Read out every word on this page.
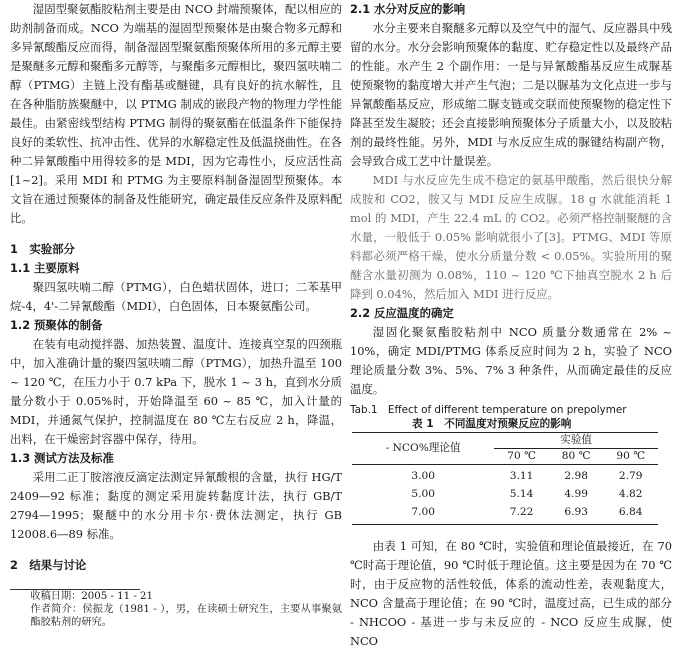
湿固型聚氨酯胶粘剂主要是由 NCO 封端预聚体，配以相应的助剂制备而成。NCO 为端基的湿固型预聚体是由聚合物多元醇和多异氰酸酯反应而得，制备湿固型聚氨酯预聚体所用的多元醇主要是聚醚多元醇和聚酯多元醇等，与聚酯多元醇相比，聚四氢呋喃二醇（PTMG）主链上没有酯基或醚键，具有良好的抗水解性，且在各种脂肪族聚醚中，以 PTMG 制成的嵌段产物的物理力学性能最佳。由紧密线型结构 PTMG 制得的聚氨酯在低温条件下能保持良好的柔软性、抗冲击性、优异的水解稳定性及低温挠曲性。在各种二异氰酸酯中用得较多的是 MDI，因为它毒性小，反应活性高[1~2]。采用 MDI 和 PTMG 为主要原料制备湿固型预聚体。本文旨在通过预聚体的制备及性能研究，确定最佳反应条件及原料配比。

1　实验部分
1.1 主要原料

聚四氢呋喃二醇（PTMG），白色蜡状固体，进口；二苯基甲烷-4，4'-二异氰酸酯（MDI），白色固体，日本聚氨酯公司。

1.2 预聚体的制备

在装有电动搅拌器、加热装置、温度计、连接真空泵的四颈瓶中，加入准确计量的聚四氢呋喃二醇（PTMG），加热升温至 100 ~ 120 ℃，在压力小于 0.7 kPa 下，脱水 1 ~ 3 h，直到水分质量分数小于 0.05%时，开始降温至 60 ~ 85 ℃，加入计量的 MDI，并通氮气保护，控制温度在 80 ℃左右反应 2 h，降温，出料，在干燥密封容器中保存，待用。

1.3 测试方法及标准

采用二正丁胺溶液反滴定法测定异氰酸根的含量，执行 HG/T 2409—92 标准；黏度的测定采用旋转黏度计法，执行 GB/T 2794—1995；聚醚中的水分用卡尔·费休法测定，执行 GB 12008.6—89 标准。

2　结果与讨论

收稿日期：2005 - 11 - 21

作者简介：侯振龙（1981 - ），男，在读硕士研究生，主要从事聚氨酯胶粘剂的研究。

2.1 水分对反应的影响

水分主要来自聚醚多元醇以及空气中的湿气、反应器具中残留的水分。水分会影响预聚体的黏度、贮存稳定性以及最终产品的性能。水产生 2 个副作用：一是与异氰酸酯基反应生成脲基使预聚物的黏度增大并产生气泡；二是以脲基为文化点进一步与异氰酸酯基反应，形成缩二脲支链或交联而使预聚物的稳定性下降甚至发生凝胶；还会直接影响预聚体分子质量大小，以及胶粘剂的最终性能。另外，MDI 与水反应生成的脲键结构副产物，会导致合成工艺中计量误差。

MDI 与水反应先生成不稳定的氨基甲酸酯，然后很快分解成胺和 CO2，胺又与 MDI 反应生成脲。18 g 水就能消耗 1 mol 的 MDI，产生 22.4 mL 的 CO2。必须严格控制聚醚的含水量，一般低于 0.05% 影响就很小了[3]。PTMG、MDI 等原料都必须严格干燥，使水分质量分数 < 0.05%。实验所用的聚醚含水量初测为 0.08%，110 ~ 120 ℃下抽真空脱水 2 h 后降到 0.04%，然后加入 MDI 进行反应。

2.2 反应温度的确定

湿固化聚氨酯胶粘剂中 NCO 质量分数通常在 2% ~ 10%，确定 MDI/PTMG 体系反应时间为 2 h，实验了 NCO 理论质量分数 3%、5%、7% 3 种条件，从而确定最佳的反应温度。

Tab.1　Effect of different temperature on prepolymer
表 1　不同温度对预聚反应的影响
- NCO%理论值	实验值		
	70 ℃	80 ℃	90 ℃
3.00	3.11	2.98	2.79
5.00	5.14	4.99	4.82
7.00	7.22	6.93	6.84

由表 1 可知，在 80 ℃时，实验值和理论值最接近，在 70 ℃时高于理论值，90 ℃时低于理论值。这主要是因为在 70 ℃时，由于反应物的活性较低，体系的流动性差，表观黏度大，NCO 含量高于理论值；在 90 ℃时，温度过高，已生成的部分 - NHCOO - 基进一步与未反应的 - NCO 反应生成脲，使 NCO
